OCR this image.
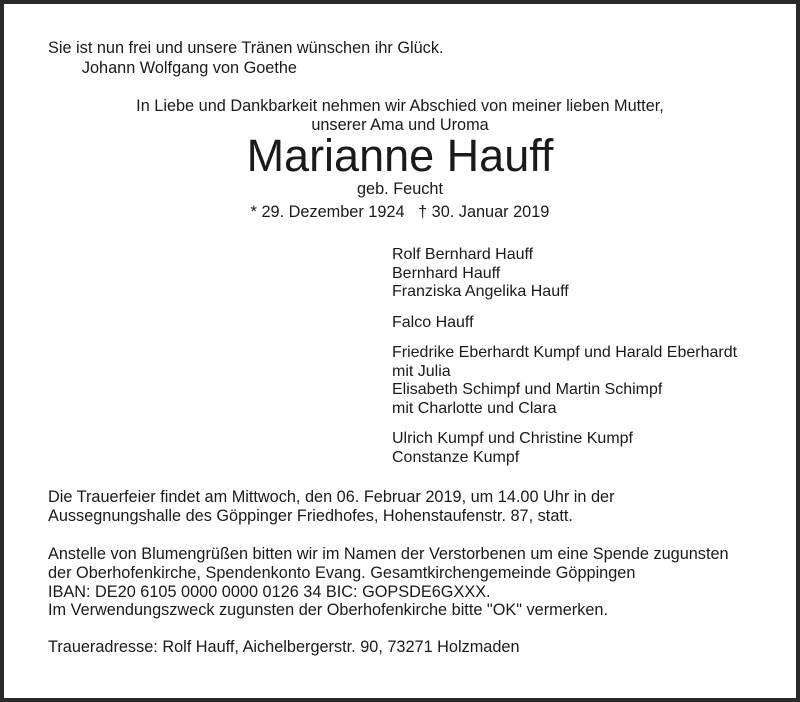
Sie ist nun frei und unsere Tränen wünschen ihr Glück.
Johann Wolfgang von Goethe
In Liebe und Dankbarkeit nehmen wir Abschied von meiner lieben Mutter,
unserer Ama und Uroma
Marianne Hauff
geb. Feucht
* 29. Dezember 1924   † 30. Januar 2019
Rolf Bernhard Hauff
Bernhard Hauff
Franziska Angelika Hauff
Falco Hauff
Friedrike Eberhardt Kumpf und Harald Eberhardt
mit Julia
Elisabeth Schimpf und Martin Schimpf
mit Charlotte und Clara
Ulrich Kumpf und Christine Kumpf
Constanze Kumpf
Die Trauerfeier findet am Mittwoch, den 06. Februar 2019, um 14.00 Uhr in der
Aussegnungshalle des Göppinger Friedhofes, Hohenstaufenstr. 87, statt.
Anstelle von Blumengrüßen bitten wir im Namen der Verstorbenen um eine Spende zugunsten
der Oberhofenkirche, Spendenkonto Evang. Gesamtkirchengemeinde Göppingen
IBAN: DE20 6105 0000 0000 0126 34 BIC: GOPSDE6GXXX.
Im Verwendungszweck zugunsten der Oberhofenkirche bitte "OK" vermerken.
Traueradresse: Rolf Hauff, Aichelbergerstr. 90, 73271 Holzmaden
